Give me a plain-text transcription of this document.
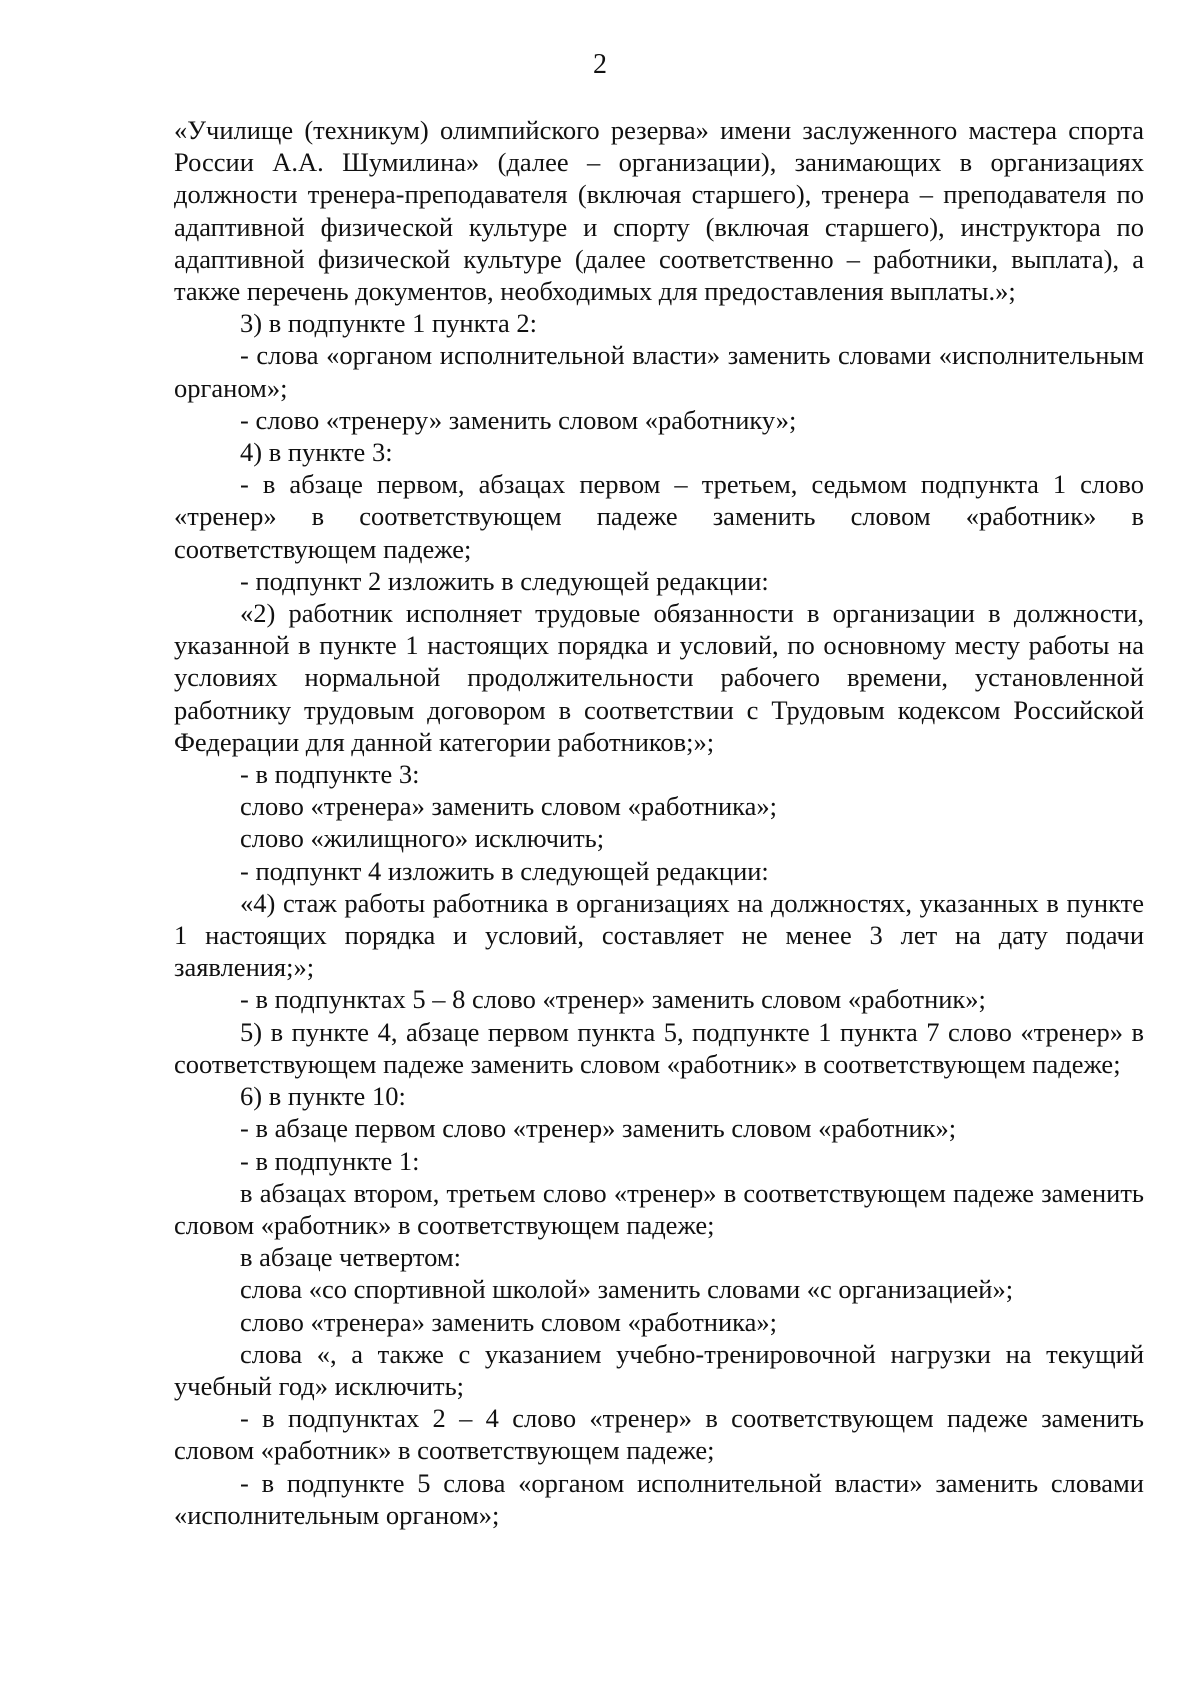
2

«Училище (техникум) олимпийского резерва» имени заслуженного мастера спорта России А.А. Шумилина» (далее – организации), занимающих в организациях должности тренера-преподавателя (включая старшего), тренера – преподавателя по адаптивной физической культуре и спорту (включая старшего), инструктора по адаптивной физической культуре (далее соответственно – работники, выплата), а также перечень документов, необходимых для предоставления выплаты.»;

3) в подпункте 1 пункта 2:

- слова «органом исполнительной власти» заменить словами «исполнительным органом»;

- слово «тренеру» заменить словом «работнику»;

4) в пункте 3:

- в абзаце первом, абзацах первом – третьем, седьмом подпункта 1 слово «тренер» в соответствующем падеже заменить словом «работник» в соответствующем падеже;

- подпункт 2 изложить в следующей редакции:

«2) работник исполняет трудовые обязанности в организации в должности, указанной в пункте 1 настоящих порядка и условий, по основному месту работы на условиях нормальной продолжительности рабочего времени, установленной работнику трудовым договором в соответствии с Трудовым кодексом Российской Федерации для данной категории работников;»;

- в подпункте 3:

слово «тренера» заменить словом «работника»;

слово «жилищного» исключить;

- подпункт 4 изложить в следующей редакции:

«4) стаж работы работника в организациях на должностях, указанных в пункте 1 настоящих порядка и условий, составляет не менее 3 лет на дату подачи заявления;»;

- в подпунктах 5 – 8 слово «тренер» заменить словом «работник»;

5) в пункте 4, абзаце первом пункта 5, подпункте 1 пункта 7 слово «тренер» в соответствующем падеже заменить словом «работник» в соответствующем падеже;

6) в пункте 10:

- в абзаце первом слово «тренер» заменить словом «работник»;

- в подпункте 1:

в абзацах втором, третьем слово «тренер» в соответствующем падеже заменить словом «работник» в соответствующем падеже;

в абзаце четвертом:

слова «со спортивной школой» заменить словами «с организацией»;

слово «тренера» заменить словом «работника»;

слова «, а также с указанием учебно-тренировочной нагрузки на текущий учебный год» исключить;

- в подпунктах 2 – 4 слово «тренер» в соответствующем падеже заменить словом «работник» в соответствующем падеже;

- в подпункте 5 слова «органом исполнительной власти» заменить словами «исполнительным органом»;
